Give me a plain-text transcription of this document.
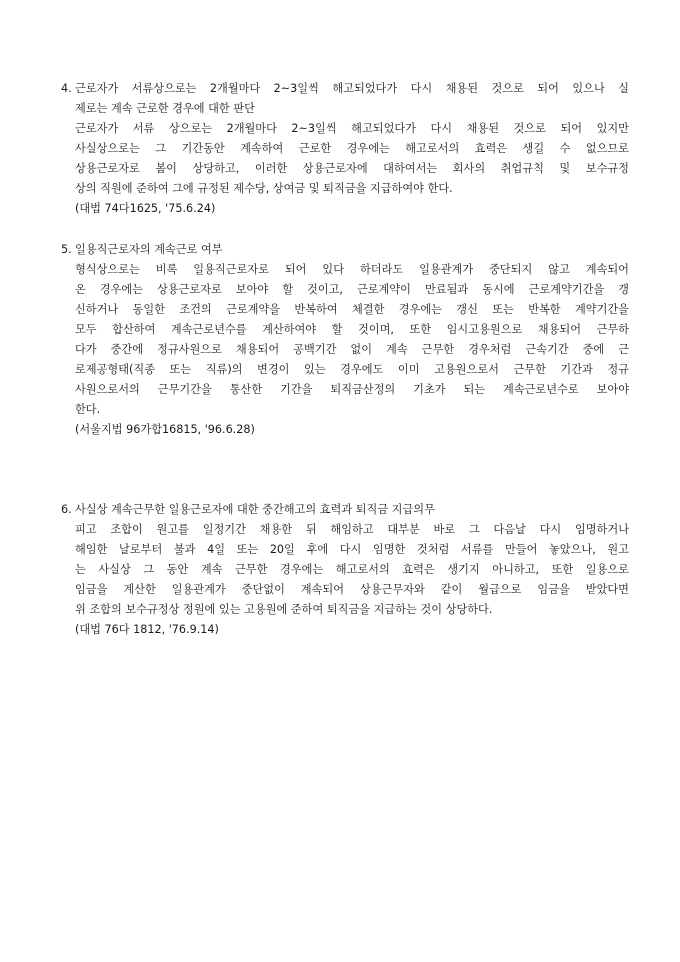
4. 근로자가 서류상으로는 2개월마다 2~3일씩 해고되었다가 다시 채용된 것으로 되어 있으나 실
제로는 계속 근로한 경우에 대한 판단
근로자가 서류 상으로는 2개월마다 2~3일씩 해고되었다가 다시 채용된 것으로 되어 있지만
사실상으로는 그 기간동안 계속하여 근로한 경우에는 해고로서의 효력은 생길 수 없으므로
상용근로자로 봄이 상당하고, 이러한 상용근로자에 대하여서는 회사의 취업규칙 및 보수규정
상의 직원에 준하여 그에 규정된 제수당, 상여금 및 퇴직금을 지급하여야 한다.
(대법 74다1625, '75.6.24)
5. 일용직근로자의 계속근로 여부
형식상으로는 비록 일용직근로자로 되어 있다 하더라도 일용관계가 중단되지 않고 계속되어
온 경우에는 상용근로자로 보아야 할 것이고, 근로계약이 만료됨과 동시에 근로계약기간을 갱
신하거나 동일한 조건의 근로계약을 반복하여 체결한 경우에는 갱신 또는 반복한 계약기간을
모두 합산하여 계속근로년수를 계산하여야 할 것이며, 또한 임시고용원으로 채용되어 근무하
다가 중간에 정규사원으로 채용되어 공백기간 없이 계속 근무한 경우처럼 근속기간 중에 근
로제공형태(직종 또는 직류)의 변경이 있는 경우에도 이미 고용원으로서 근무한 기간과 정규
사원으로서의 근무기간을 통산한 기간을 퇴직금산정의 기초가 되는 계속근로년수로 보아야
한다.
(서울지법 96가합16815, '96.6.28)
6. 사실상 계속근무한 일용근로자에 대한 중간해고의 효력과 퇴직금 지급의무
피고 조합이 원고를 일정기간 채용한 뒤 해임하고 대부분 바로 그 다음날 다시 임명하거나
해임한 날로부터 불과 4일 또는 20일 후에 다시 임명한 것처럼 서류를 만들어 놓았으나, 원고
는 사실상 그 동안 계속 근무한 경우에는 해고로서의 효력은 생기지 아니하고, 또한 일용으로
임금을 계산한 일용관계가 중단없이 계속되어 상용근무자와 같이 월급으로 임금을 받았다면
위 조합의 보수규정상 정원에 있는 고용원에 준하여 퇴직금을 지급하는 것이 상당하다.
(대법 76다 1812, '76.9.14)
